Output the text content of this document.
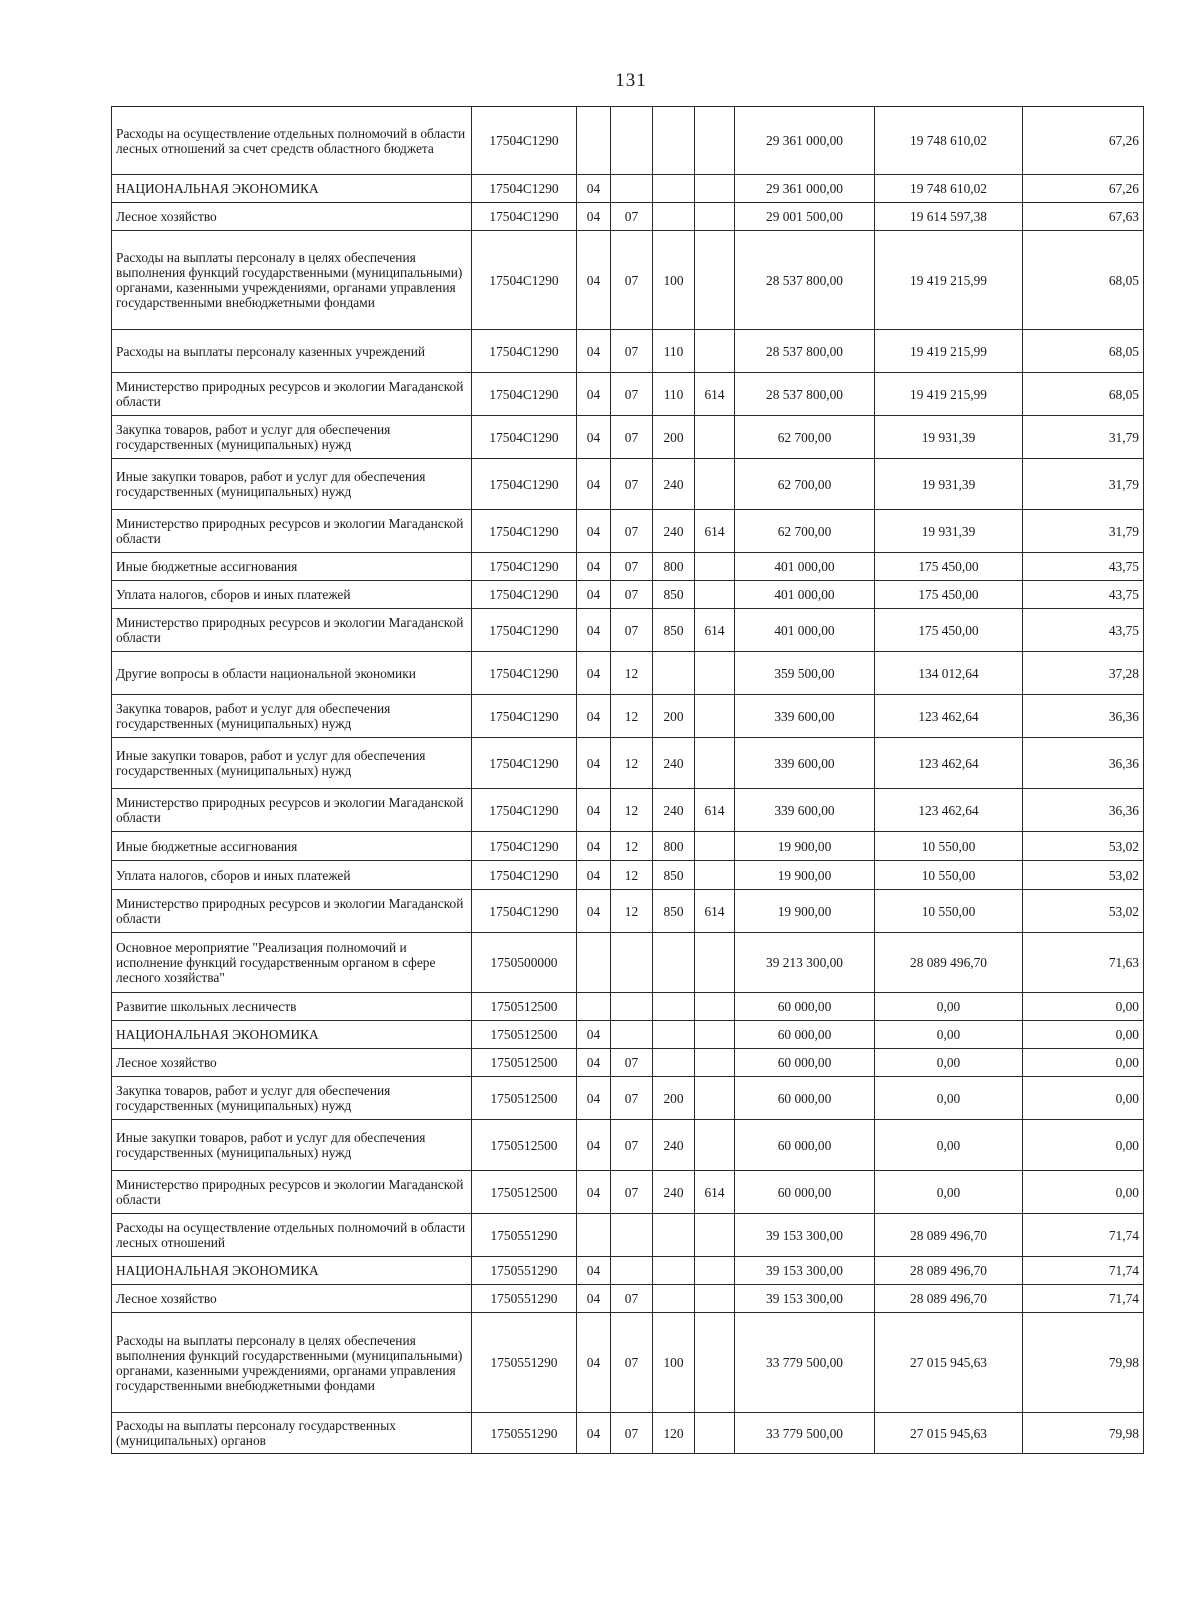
131
Расходы на осуществление отдельных полномочий в области лесных отношений за счет средств областного бюджета	17504C1290					29 361 000,00	19 748 610,02	67,26
НАЦИОНАЛЬНАЯ ЭКОНОМИКА	17504C1290	04				29 361 000,00	19 748 610,02	67,26
Лесное хозяйство	17504C1290	04	07			29 001 500,00	19 614 597,38	67,63
Расходы на выплаты персоналу в целях обеспечения выполнения функций государственными (муниципальными) органами, казенными учреждениями, органами управления государственными внебюджетными фондами	17504C1290	04	07	100		28 537 800,00	19 419 215,99	68,05
Расходы на выплаты персоналу казенных учреждений	17504C1290	04	07	110		28 537 800,00	19 419 215,99	68,05
Министерство природных ресурсов и экологии Магаданской области	17504C1290	04	07	110	614	28 537 800,00	19 419 215,99	68,05
Закупка товаров, работ и услуг для обеспечения государственных (муниципальных) нужд	17504C1290	04	07	200		62 700,00	19 931,39	31,79
Иные закупки товаров, работ и услуг для обеспечения государственных (муниципальных) нужд	17504C1290	04	07	240		62 700,00	19 931,39	31,79
Министерство природных ресурсов и экологии Магаданской области	17504C1290	04	07	240	614	62 700,00	19 931,39	31,79
Иные бюджетные ассигнования	17504C1290	04	07	800		401 000,00	175 450,00	43,75
Уплата налогов, сборов и иных платежей	17504C1290	04	07	850		401 000,00	175 450,00	43,75
Министерство природных ресурсов и экологии Магаданской области	17504C1290	04	07	850	614	401 000,00	175 450,00	43,75
Другие вопросы в области национальной экономики	17504C1290	04	12			359 500,00	134 012,64	37,28
Закупка товаров, работ и услуг для обеспечения государственных (муниципальных) нужд	17504C1290	04	12	200		339 600,00	123 462,64	36,36
Иные закупки товаров, работ и услуг для обеспечения государственных (муниципальных) нужд	17504C1290	04	12	240		339 600,00	123 462,64	36,36
Министерство природных ресурсов и экологии Магаданской области	17504C1290	04	12	240	614	339 600,00	123 462,64	36,36
Иные бюджетные ассигнования	17504C1290	04	12	800		19 900,00	10 550,00	53,02
Уплата налогов, сборов и иных платежей	17504C1290	04	12	850		19 900,00	10 550,00	53,02
Министерство природных ресурсов и экологии Магаданской области	17504C1290	04	12	850	614	19 900,00	10 550,00	53,02
Основное мероприятие "Реализация полномочий и исполнение функций государственным органом в сфере лесного хозяйства"	1750500000					39 213 300,00	28 089 496,70	71,63
Развитие школьных лесничеств	1750512500					60 000,00	0,00	0,00
НАЦИОНАЛЬНАЯ ЭКОНОМИКА	1750512500	04				60 000,00	0,00	0,00
Лесное хозяйство	1750512500	04	07			60 000,00	0,00	0,00
Закупка товаров, работ и услуг для обеспечения государственных (муниципальных) нужд	1750512500	04	07	200		60 000,00	0,00	0,00
Иные закупки товаров, работ и услуг для обеспечения государственных (муниципальных) нужд	1750512500	04	07	240		60 000,00	0,00	0,00
Министерство природных ресурсов и экологии Магаданской области	1750512500	04	07	240	614	60 000,00	0,00	0,00
Расходы на осуществление отдельных полномочий в области лесных отношений	1750551290					39 153 300,00	28 089 496,70	71,74
НАЦИОНАЛЬНАЯ ЭКОНОМИКА	1750551290	04				39 153 300,00	28 089 496,70	71,74
Лесное хозяйство	1750551290	04	07			39 153 300,00	28 089 496,70	71,74
Расходы на выплаты персоналу в целях обеспечения выполнения функций государственными (муниципальными) органами, казенными учреждениями, органами управления государственными внебюджетными фондами	1750551290	04	07	100		33 779 500,00	27 015 945,63	79,98
Расходы на выплаты персоналу государственных (муниципальных) органов	1750551290	04	07	120		33 779 500,00	27 015 945,63	79,98
